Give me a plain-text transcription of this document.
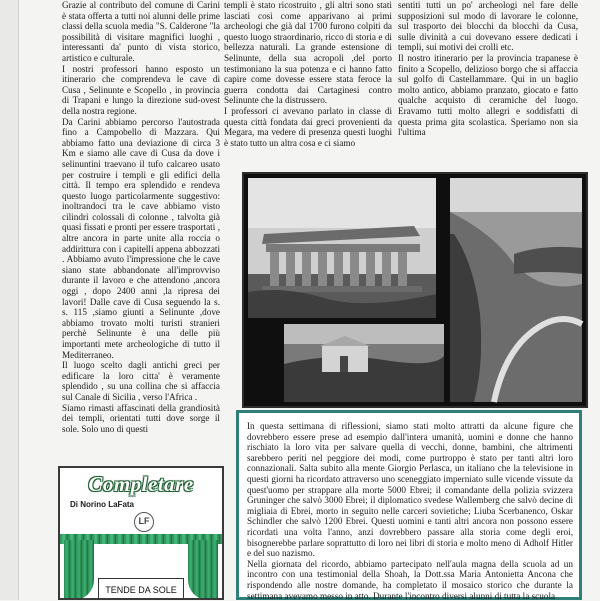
Grazie al contributo del comune di Carini è stata offerta a tutti noi alunni delle prime classi della scuola media "S. Calderone "la possibilità di visitare magnifici luoghi , interessanti da' punto di vista storico, artistico e culturale.

I nostri professori hanno esposto un itinerario che comprendeva le cave di Cusa , Selinunte e Scopello , in provincia di Trapani e lungo la direzione sud-ovest della nostra regione.

Da Carini abbiamo percorso l'autostrada fino a Campobello di Mazzara. Qui abbiamo fatto una deviazione di circa 3 Km e siamo alle cave di Cusa da dove i selinuntini traevano il tufo calcareo usato per costruire i templi e gli edifici della città. Il tempo era splendido e rendeva questo luogo particolarmente suggestivo: inoltrandoci tra le cave abbiamo visto cilindri colossali di colonne , talvolta già quasi fissati e pronti per essere trasportati , altre ancora in parte unite alla roccia o addirittura con i capitelli appena abbozzati . Abbiamo avuto l'impressione che le cave siano state abbandonate all'improvviso durante il lavoro e che attendono ,ancora oggi , dopo 2400 anni ,la ripresa dei lavori! Dalle cave di Cusa seguendo la s. s. 115 ,siamo giunti a Selinunte ,dove abbiamo trovato molti turisti stranieri perchè Selinunte è una delle più importanti mete archeologiche di tutto il Mediterraneo.

Il luogo scelto dagli antichi greci per edificare la loro citta' è veramente splendido , su una collina che si affaccia sul Canale di Sicilia , verso l'Africa .

Siamo rimasti affascinati della grandiosità dei templi, orientati tutti dove sorge il sole. Solo uno di questi

templi è stato ricostruito , gli altri sono stati lasciati così come apparivano ai primi archeologi che già dal 1700 furono colpiti da questo luogo straordinario, ricco di storia e di bellezza naturali. La grande estensione di Selinunte, della sua acropoli ,del porto testimoniano la sua potenza e ci hanno fatto capire come dovesse essere stata feroce la guerra condotta dai Cartaginesi contro Selinunte che la distrussero.

I professori ci avevano parlato in classe di questa città fondata dai greci provenienti da Megara, ma vedere di presenza questi luoghi è stato tutto un altra cosa e ci siamo

sentiti tutti un po' archeologi nel fare delle supposizioni sul modo di lavorare le colonne, sul trasporto dei blocchi da blocchi da Cusa, sulle divinità a cui dovevano essere dedicati i templi, sui motivi dei crolli etc.

Il nostro itinerario per la provincia trapanese è finito a Scopello, delizioso borgo che si affaccia sul golfo di Castellammare. Qui in un baglio molto antico, abbiamo pranzato, giocato e fatto qualche acquisto di ceramiche del luogo. Eravamo tutti molto allegri e soddisfatti di questa prima gita scolastica. Speriamo non sia l'ultima

In questa settimana di riflessioni, siamo stati molto attratti da alcune figure che dovrebbero essere prese ad esempio dall'intera umanità, uomini e donne che hanno rischiato la loro vita per salvare quella di vecchi, donne, bambini, che altrimenti sarebbero periti nel peggiore dei modi, come purtroppo è stato per tanti altri loro connazionali. Salta subito alla mente Giorgio Perlasca, un italiano che la televisione in questi giorni ha ricordato attraverso uno sceneggiato imperniato sulle vicende vissute da quest'uomo per strappare alla morte 5000 Ebrei; il comandante della polizia svizzera Gruninger che salvò 3000 Ebrei; il diplomatico svedese Wallemberg che salvò decine di migliaia di Ebrei, morto in seguito nelle carceri sovietiche; Liuba Scerbanenco, Oskar Schindler che salvò 1200 Ebrei. Questi uomini e tanti altri ancora non possono essere ricordati una volta l'anno, anzi dovrebbero passare alla storia come degli eroi, bisognerebbe parlare soprattutto di loro nei libri di storia e molto meno di Adholf Hitler e del suo nazismo.

Nella giornata del ricordo, abbiamo partecipato nell'aula magna della scuola ad un incontro con una testimonial della Shoah, la Dott.ssa Maria Antonietta Ancona che rispondendo alle nostre domande, ha completato il mosaico storico che durante la settimana avevamo messo in atto. Durante l'incontro diversi alunni di tutta la scuola

Completare
Di Norino LaFata
LF
TENDE DA SOLE
